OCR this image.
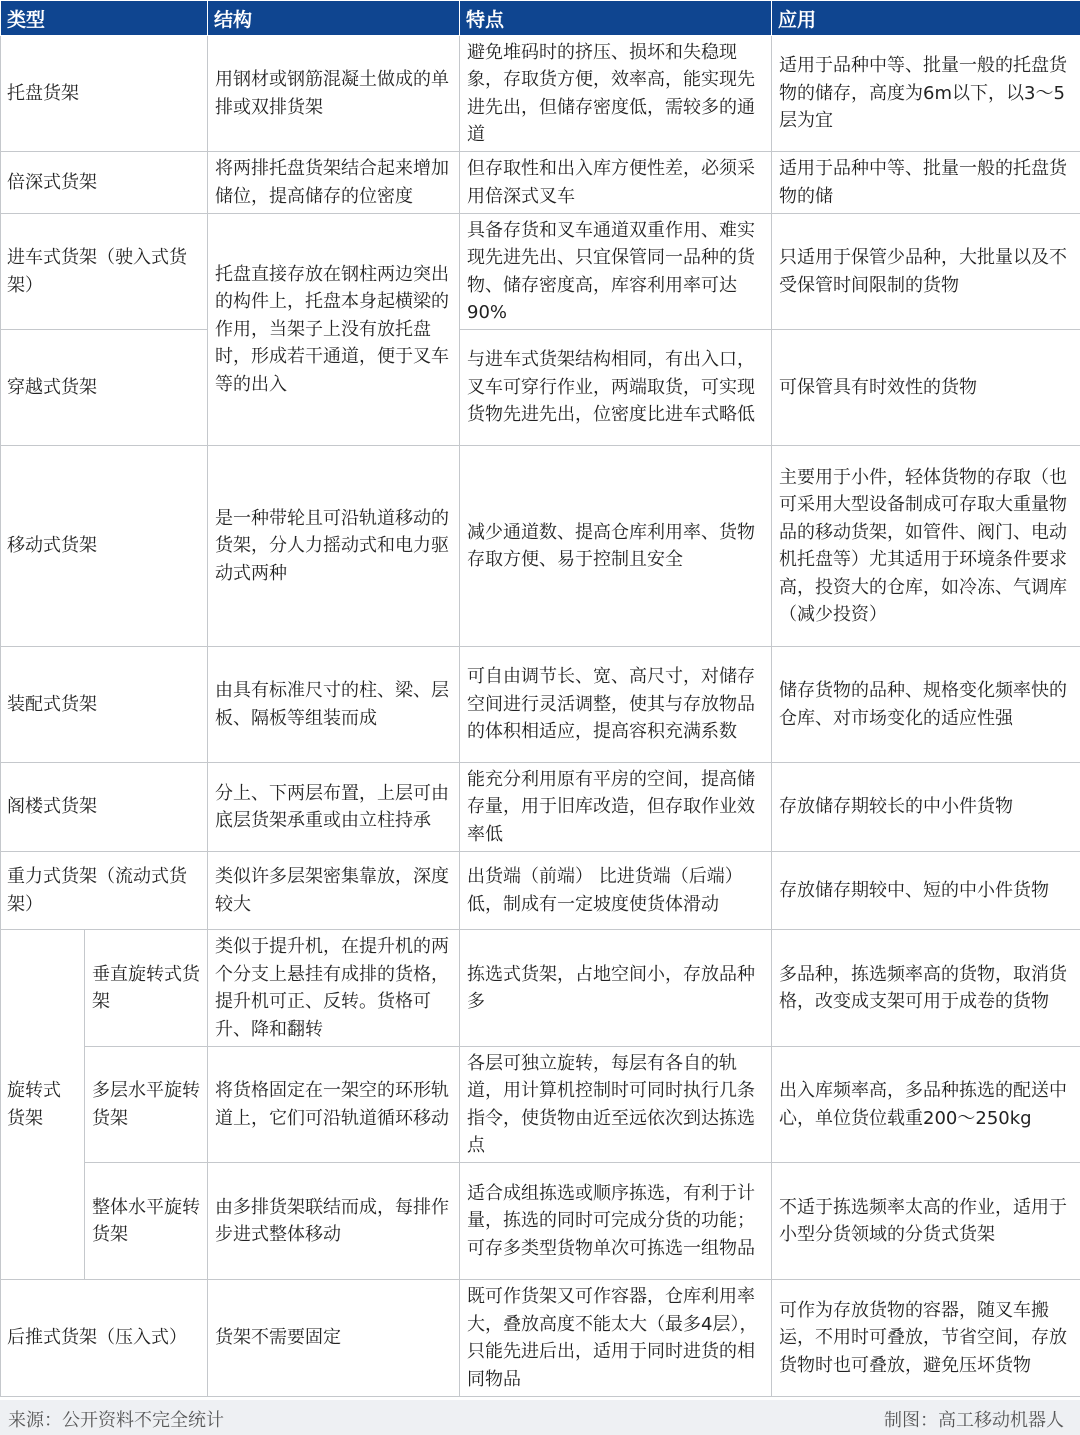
类型		结构	特点	应用
托盘货架		用钢材或钢筋混凝土做成的单排或双排货架	避免堆码时的挤压、损坏和失稳现象，存取货方便，效率高，能实现先进先出，但储存密度低，需较多的通道	适用于品种中等、批量一般的托盘货物的储存，高度为6m以下，以3～5层为宜
倍深式货架		将两排托盘货架结合起来增加储位，提高储存的位密度	但存取性和出入库方便性差，必须采用倍深式叉车	适用于品种中等、批量一般的托盘货物的储
进车式货架（驶入式货架）		托盘直接存放在钢柱两边突出的构件上，托盘本身起横梁的作用，当架子上没有放托盘时，形成若干通道，便于叉车等的出入	具备存货和叉车通道双重作用、难实现先进先出、只宜保管同一品种的货物、储存密度高，库容利用率可达90%	只适用于保管少品种，大批量以及不受保管时间限制的货物
穿越式货架			与进车式货架结构相同，有出入口，叉车可穿行作业，两端取货，可实现货物先进先出，位密度比进车式略低	可保管具有时效性的货物
移动式货架		是一种带轮且可沿轨道移动的货架，分人力摇动式和电力驱动式两种	减少通道数、提高仓库利用率、货物存取方便、易于控制且安全	主要用于小件，轻体货物的存取（也可采用大型设备制成可存取大重量物品的移动货架，如管件、阀门、电动机托盘等）尤其适用于环境条件要求高，投资大的仓库，如冷冻、气调库（减少投资）
装配式货架		由具有标准尺寸的柱、梁、层板、隔板等组装而成	可自由调节长、宽、高尺寸，对储存空间进行灵活调整，使其与存放物品的体积相适应，提高容积充满系数	储存货物的品种、规格变化频率快的仓库、对市场变化的适应性强
阁楼式货架		分上、下两层布置，上层可由底层货架承重或由立柱持承	能充分利用原有平房的空间，提高储存量，用于旧库改造，但存取作业效率低	存放储存期较长的中小件货物
重力式货架（流动式货架）		类似许多层架密集靠放，深度较大	出货端（前端） 比进货端（后端）低，制成有一定坡度使货体滑动	存放储存期较中、短的中小件货物
旋转式货架	垂直旋转式货架	类似于提升机，在提升机的两个分支上悬挂有成排的货格，提升机可正、反转。货格可升、降和翻转	拣选式货架，占地空间小，存放品种多	多品种，拣选频率高的货物，取消货格，改变成支架可用于成卷的货物
	多层水平旋转货架	将货格固定在一架空的环形轨道上，它们可沿轨道循环移动	各层可独立旋转，每层有各自的轨道，用计算机控制时可同时执行几条指令，使货物由近至远依次到达拣选点	出入库频率高，多品种拣选的配送中心，单位货位载重200～250kg
	整体水平旋转货架	由多排货架联结而成，每排作步进式整体移动	适合成组拣选或顺序拣选，有利于计量，拣选的同时可完成分货的功能；可存多类型货物单次可拣选一组物品	不适于拣选频率太高的作业，适用于小型分货领域的分货式货架
后推式货架（压入式）		货架不需要固定	既可作货架又可作容器，仓库利用率大，叠放高度不能太大（最多4层），只能先进后出，适用于同时进货的相同物品	可作为存放货物的容器，随叉车搬运，不用时可叠放，节省空间，存放货物时也可叠放，避免压坏货物
来源：公开资料不完全统计	制图：高工移动机器人
